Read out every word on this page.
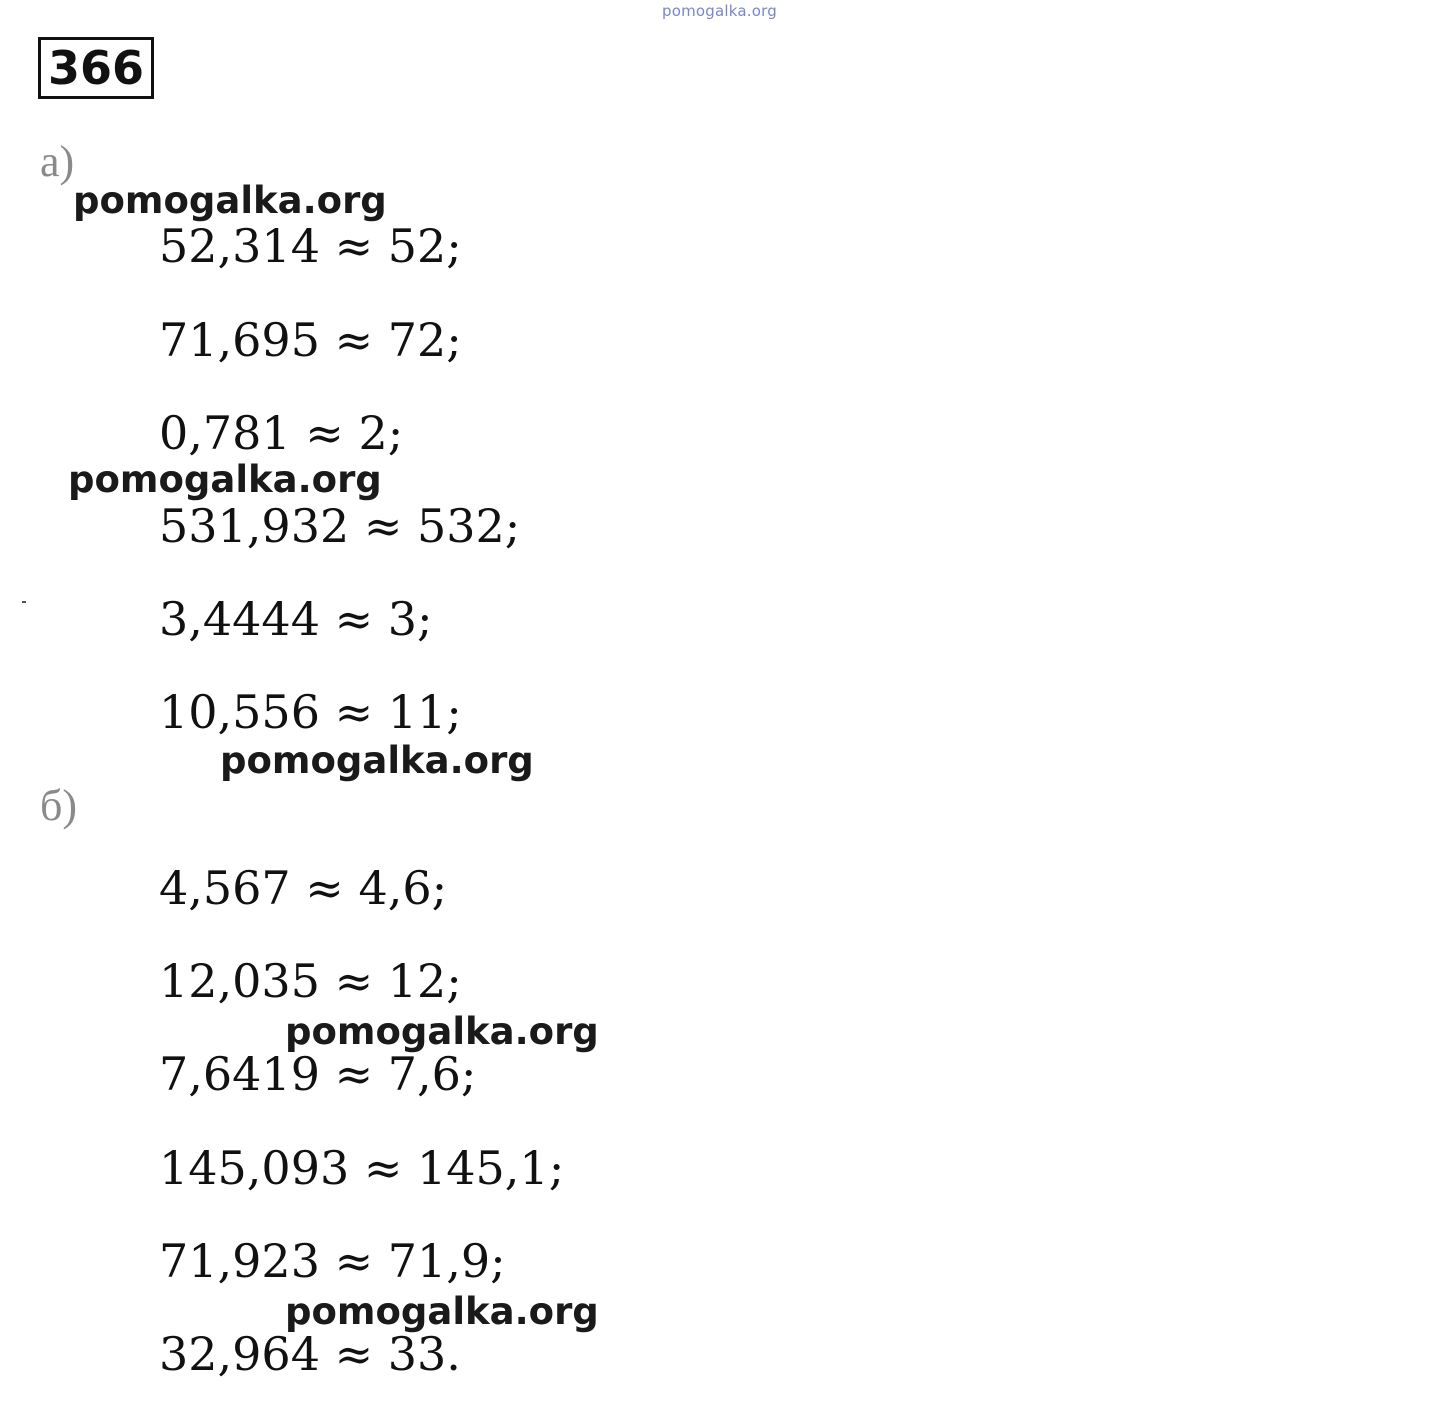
pomogalka.org
366
а)
pomogalka.org
52,314 ≈ 52;
71,695 ≈ 72;
0,781 ≈ 2;
pomogalka.org
531,932 ≈ 532;
3,4444 ≈ 3;
10,556 ≈ 11;
pomogalka.org
б)
4,567 ≈ 4,6;
12,035 ≈ 12;
pomogalka.org
7,6419 ≈ 7,6;
145,093 ≈ 145,1;
71,923 ≈ 71,9;
pomogalka.org
32,964 ≈ 33.
